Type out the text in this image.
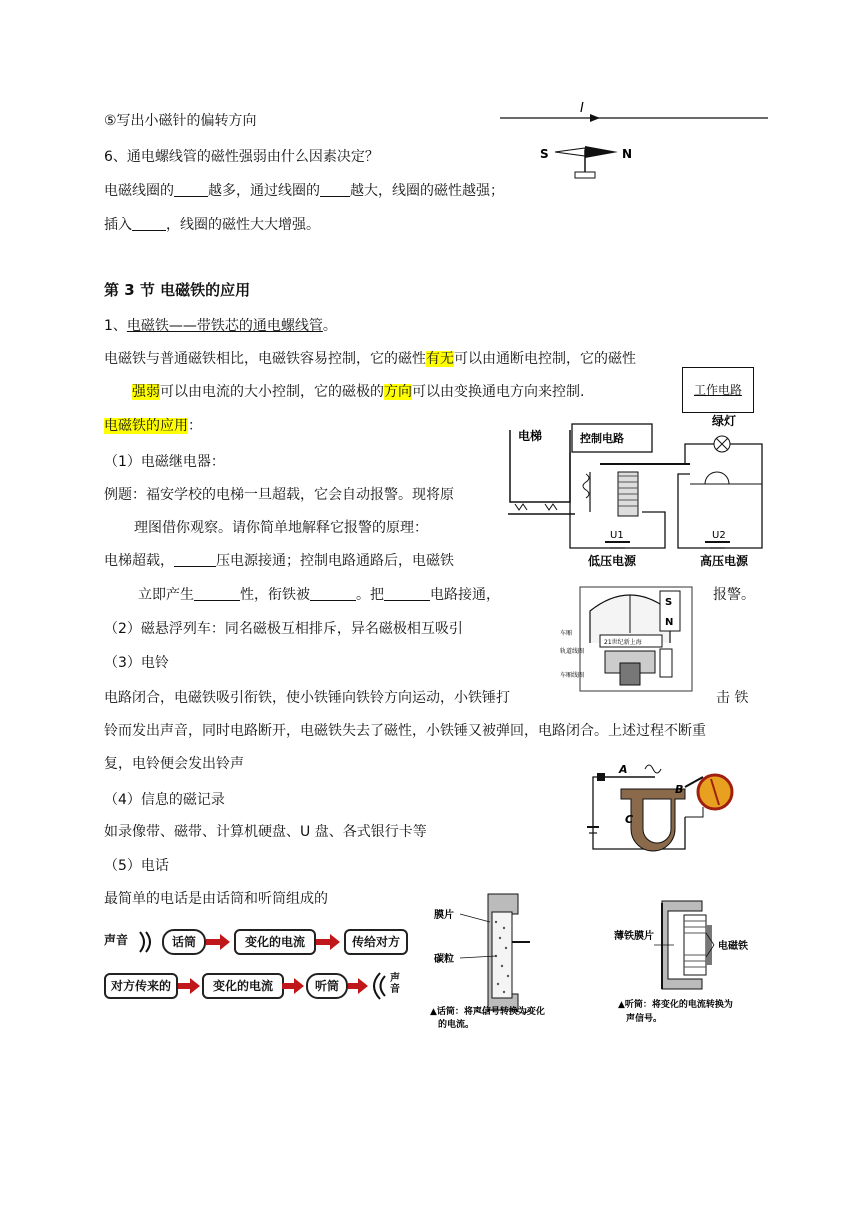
⑤写出小磁针的偏转方向
6、通电螺线管的磁性强弱由什么因素决定？
电磁线圈的 越多，通过线圈的 越大，线圈的磁性越强；
插入 ，线圈的磁性大大增强。
第 3 节 电磁铁的应用
1、电磁铁——带铁芯的通电螺线管。
电磁铁与普通磁铁相比，电磁铁容易控制，它的磁性有无可以由通断电控制，它的磁性
强弱可以由电流的大小控制，它的磁极的方向可以由变换通电方向来控制.
电磁铁的应用：
（1）电磁继电器：
例题：福安学校的电梯一旦超载，它会自动报警。现将原
理图借你观察。请你简单地解释它报警的原理：
电梯超载，	压电源接通；控制电路通路后，电磁铁
立即产生	性，衔铁被	。把	电路接通，	报警。
（2）磁悬浮列车：同名磁极互相排斥，异名磁极相互吸引
（3）电铃
电路闭合，电磁铁吸引衔铁，使小铁锤向铁铃方向运动，小铁锤打	击 铁
铃而发出声音，同时电路断开，电磁铁失去了磁性，小铁锤又被弹回，电路闭合。上述过程不断重
复，电铃便会发出铃声
（4）信息的磁记录
如录像带、磁带、计算机硬盘、U 盘、各式银行卡等
（5）电话
最简单的电话是由话筒和听筒组成的
I
S	N
工作电路
电梯	控制电路
U1
低压电源
绿灯
U2
高压电源
S
N
21世纪新上海
车厢
轨道线圈
车厢线圈
A
B
C
声音	话筒	变化的电流	传给对方
对方传来的	变化的电流	听筒
声音
膜片
碳粒
▲话筒：将声信号转换为变化
的电流。
薄铁膜片
电磁铁
▲听筒：将变化的电流转换为
声信号。
